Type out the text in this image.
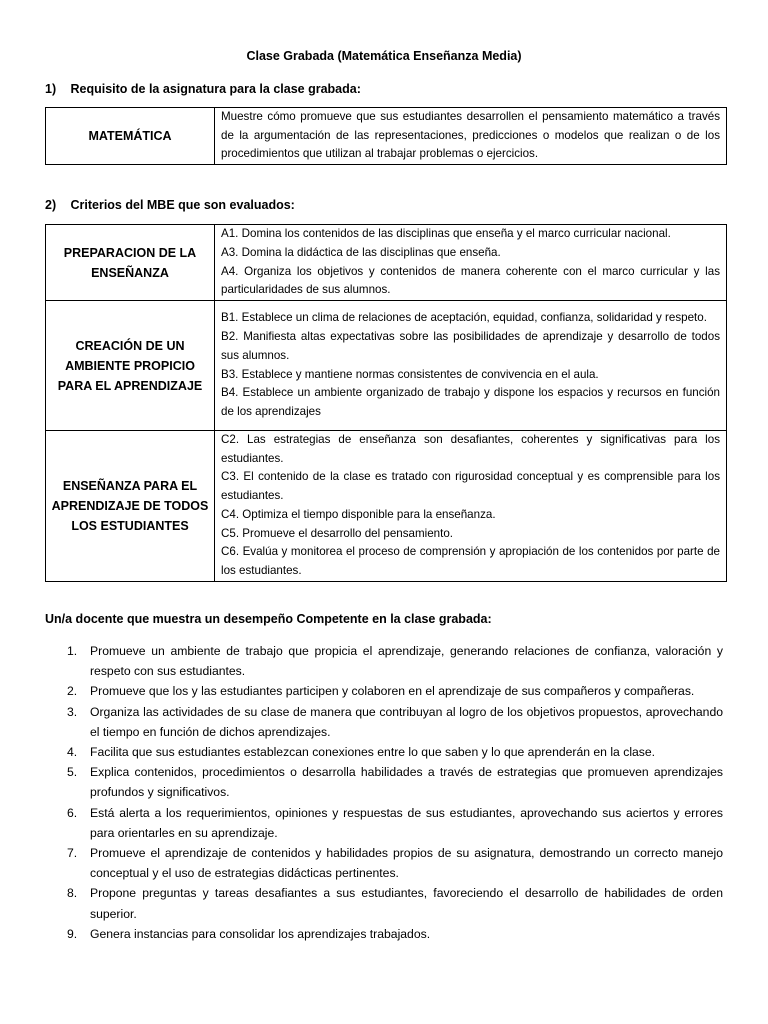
Clase Grabada (Matemática Enseñanza Media)
1) Requisito de la asignatura para la clase grabada:
MATEMÁTICA	Muestre cómo promueve que sus estudiantes desarrollen el pensamiento matemático a través de la argumentación de las representaciones, predicciones o modelos que realizan o de los procedimientos que utilizan al trabajar problemas o ejercicios.
2) Criterios del MBE que son evaluados:
PREPARACION DE LA ENSEÑANZA	A1. Domina los contenidos de las disciplinas que enseña y el marco curricular nacional.
A3. Domina la didáctica de las disciplinas que enseña.
A4. Organiza los objetivos y contenidos de manera coherente con el marco curricular y las particularidades de sus alumnos.

CREACIÓN DE UN AMBIENTE PROPICIO PARA EL APRENDIZAJE	B1. Establece un clima de relaciones de aceptación, equidad, confianza, solidaridad y respeto.
B2. Manifiesta altas expectativas sobre las posibilidades de aprendizaje y desarrollo de todos sus alumnos.
B3. Establece y mantiene normas consistentes de convivencia en el aula.
B4. Establece un ambiente organizado de trabajo y dispone los espacios y recursos en función de los aprendizajes

ENSEÑANZA PARA EL APRENDIZAJE DE TODOS LOS ESTUDIANTES	C2. Las estrategias de enseñanza son desafiantes, coherentes y significativas para los estudiantes.
C3. El contenido de la clase es tratado con rigurosidad conceptual y es comprensible para los estudiantes.
C4. Optimiza el tiempo disponible para la enseñanza.
C5. Promueve el desarrollo del pensamiento.
C6. Evalúa y monitorea el proceso de comprensión y apropiación de los contenidos por parte de los estudiantes.
Un/a docente que muestra un desempeño Competente en la clase grabada:
1. Promueve un ambiente de trabajo que propicia el aprendizaje, generando relaciones de confianza, valoración y respeto con sus estudiantes.
2. Promueve que los y las estudiantes participen y colaboren en el aprendizaje de sus compañeros y compañeras.
3. Organiza las actividades de su clase de manera que contribuyan al logro de los objetivos propuestos, aprovechando el tiempo en función de dichos aprendizajes.
4. Facilita que sus estudiantes establezcan conexiones entre lo que saben y lo que aprenderán en la clase.
5. Explica contenidos, procedimientos o desarrolla habilidades a través de estrategias que promueven aprendizajes profundos y significativos.
6. Está alerta a los requerimientos, opiniones y respuestas de sus estudiantes, aprovechando sus aciertos y errores para orientarles en su aprendizaje.
7. Promueve el aprendizaje de contenidos y habilidades propios de su asignatura, demostrando un correcto manejo conceptual y el uso de estrategias didácticas pertinentes.
8. Propone preguntas y tareas desafiantes a sus estudiantes, favoreciendo el desarrollo de habilidades de orden superior.
9. Genera instancias para consolidar los aprendizajes trabajados.
